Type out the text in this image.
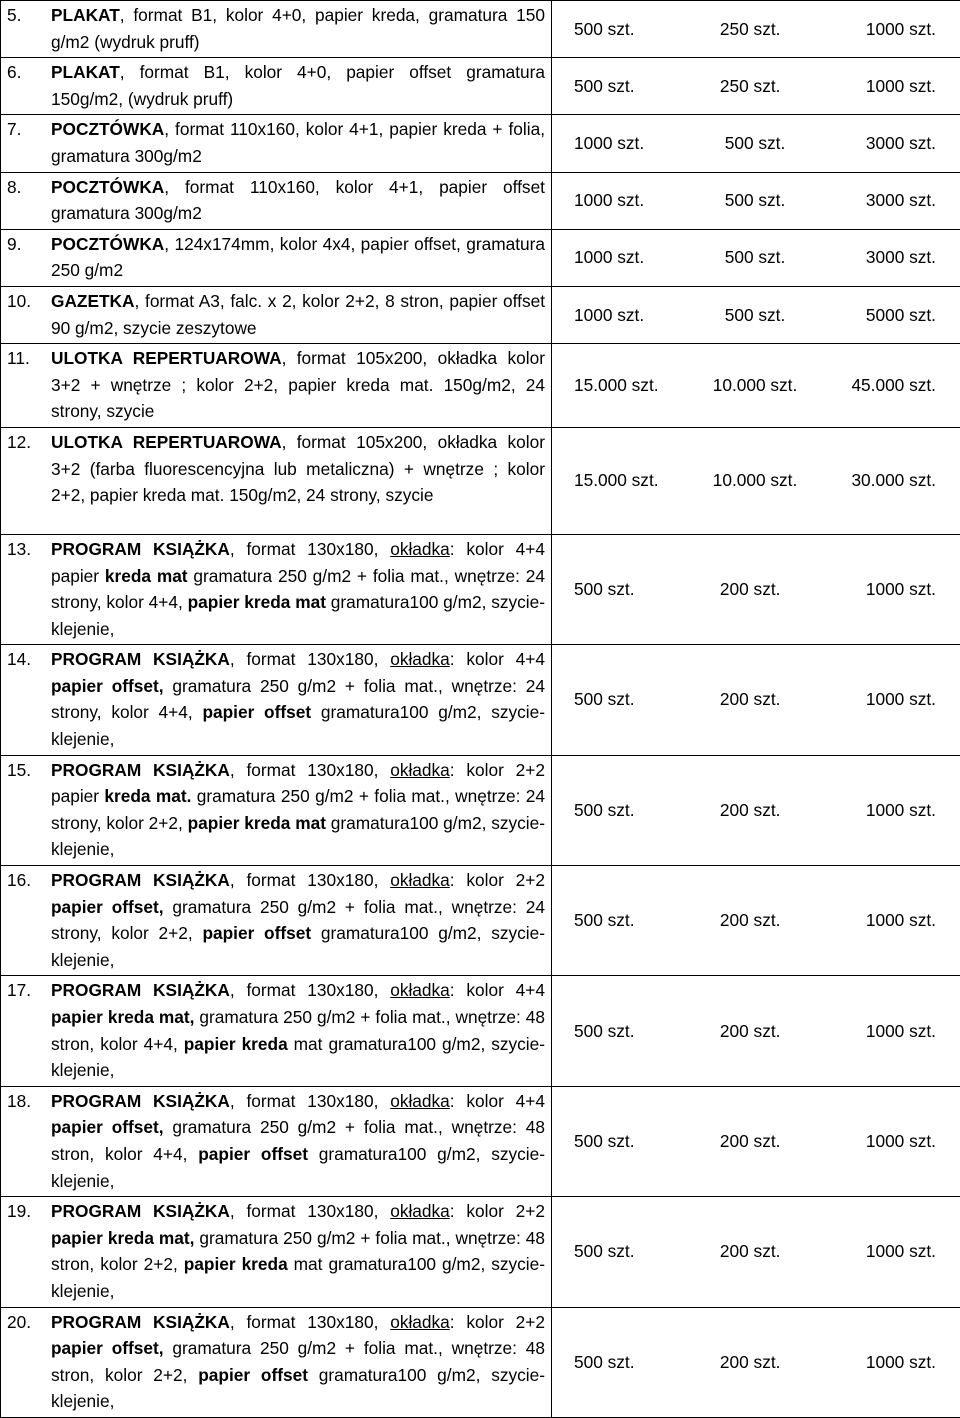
5. PLAKAT, format B1, kolor 4+0, papier kreda, gramatura 150 g/m2 (wydruk pruff)	500 szt. 250 szt. 1000 szt.

6. PLAKAT, format B1, kolor 4+0, papier offset gramatura 150g/m2, (wydruk pruff)	500 szt. 250 szt. 1000 szt.

7. POCZTÓWKA, format 110x160, kolor 4+1, papier kreda + folia, gramatura 300g/m2	1000 szt. 500 szt. 3000 szt.

8. POCZTÓWKA, format 110x160, kolor 4+1, papier offset gramatura 300g/m2	1000 szt. 500 szt. 3000 szt.

9. POCZTÓWKA, 124x174mm, kolor 4x4, papier offset, gramatura 250 g/m2	1000 szt. 500 szt. 3000 szt.

10. GAZETKA, format A3, falc. x 2, kolor 2+2, 8 stron, papier offset 90 g/m2, szycie zeszytowe	1000 szt. 500 szt. 5000 szt.

11. ULOTKA REPERTUAROWA, format 105x200, okładka kolor 3+2 + wnętrze ; kolor 2+2, papier kreda mat. 150g/m2, 24 strony, szycie	15.000 szt. 10.000 szt. 45.000 szt.

12. ULOTKA REPERTUAROWA, format 105x200, okładka kolor 3+2 (farba fluorescencyjna lub metaliczna) + wnętrze ; kolor 2+2, papier kreda mat. 150g/m2, 24 strony, szycie	15.000 szt. 10.000 szt. 30.000 szt.

13. PROGRAM KSIĄŻKA, format 130x180, okładka: kolor 4+4 papier kreda mat gramatura 250 g/m2 + folia mat., wnętrze: 24 strony, kolor 4+4, papier kreda mat gramatura100 g/m2, szycie-klejenie,	500 szt. 200 szt. 1000 szt.

14. PROGRAM KSIĄŻKA, format 130x180, okładka: kolor 4+4 papier offset, gramatura 250 g/m2 + folia mat., wnętrze: 24 strony, kolor 4+4, papier offset gramatura100 g/m2, szycie-klejenie,	500 szt. 200 szt. 1000 szt.

15. PROGRAM KSIĄŻKA, format 130x180, okładka: kolor 2+2 papier kreda mat. gramatura 250 g/m2 + folia mat., wnętrze: 24 strony, kolor 2+2, papier kreda mat gramatura100 g/m2, szycie-klejenie,	500 szt. 200 szt. 1000 szt.

16. PROGRAM KSIĄŻKA, format 130x180, okładka: kolor 2+2 papier offset, gramatura 250 g/m2 + folia mat., wnętrze: 24 strony, kolor 2+2, papier offset gramatura100 g/m2, szycie-klejenie,	500 szt. 200 szt. 1000 szt.

17. PROGRAM KSIĄŻKA, format 130x180, okładka: kolor 4+4 papier kreda mat, gramatura 250 g/m2 + folia mat., wnętrze: 48 stron, kolor 4+4, papier kreda mat gramatura100 g/m2, szycie-klejenie,	500 szt. 200 szt. 1000 szt.

18. PROGRAM KSIĄŻKA, format 130x180, okładka: kolor 4+4 papier offset, gramatura 250 g/m2 + folia mat., wnętrze: 48 stron, kolor 4+4, papier offset gramatura100 g/m2, szycie-klejenie,	500 szt. 200 szt. 1000 szt.

19. PROGRAM KSIĄŻKA, format 130x180, okładka: kolor 2+2 papier kreda mat, gramatura 250 g/m2 + folia mat., wnętrze: 48 stron, kolor 2+2, papier kreda mat gramatura100 g/m2, szycie-klejenie,	500 szt. 200 szt. 1000 szt.

20. PROGRAM KSIĄŻKA, format 130x180, okładka: kolor 2+2 papier offset, gramatura 250 g/m2 + folia mat., wnętrze: 48 stron, kolor 2+2, papier offset gramatura100 g/m2, szycie-klejenie,	500 szt. 200 szt. 1000 szt.
